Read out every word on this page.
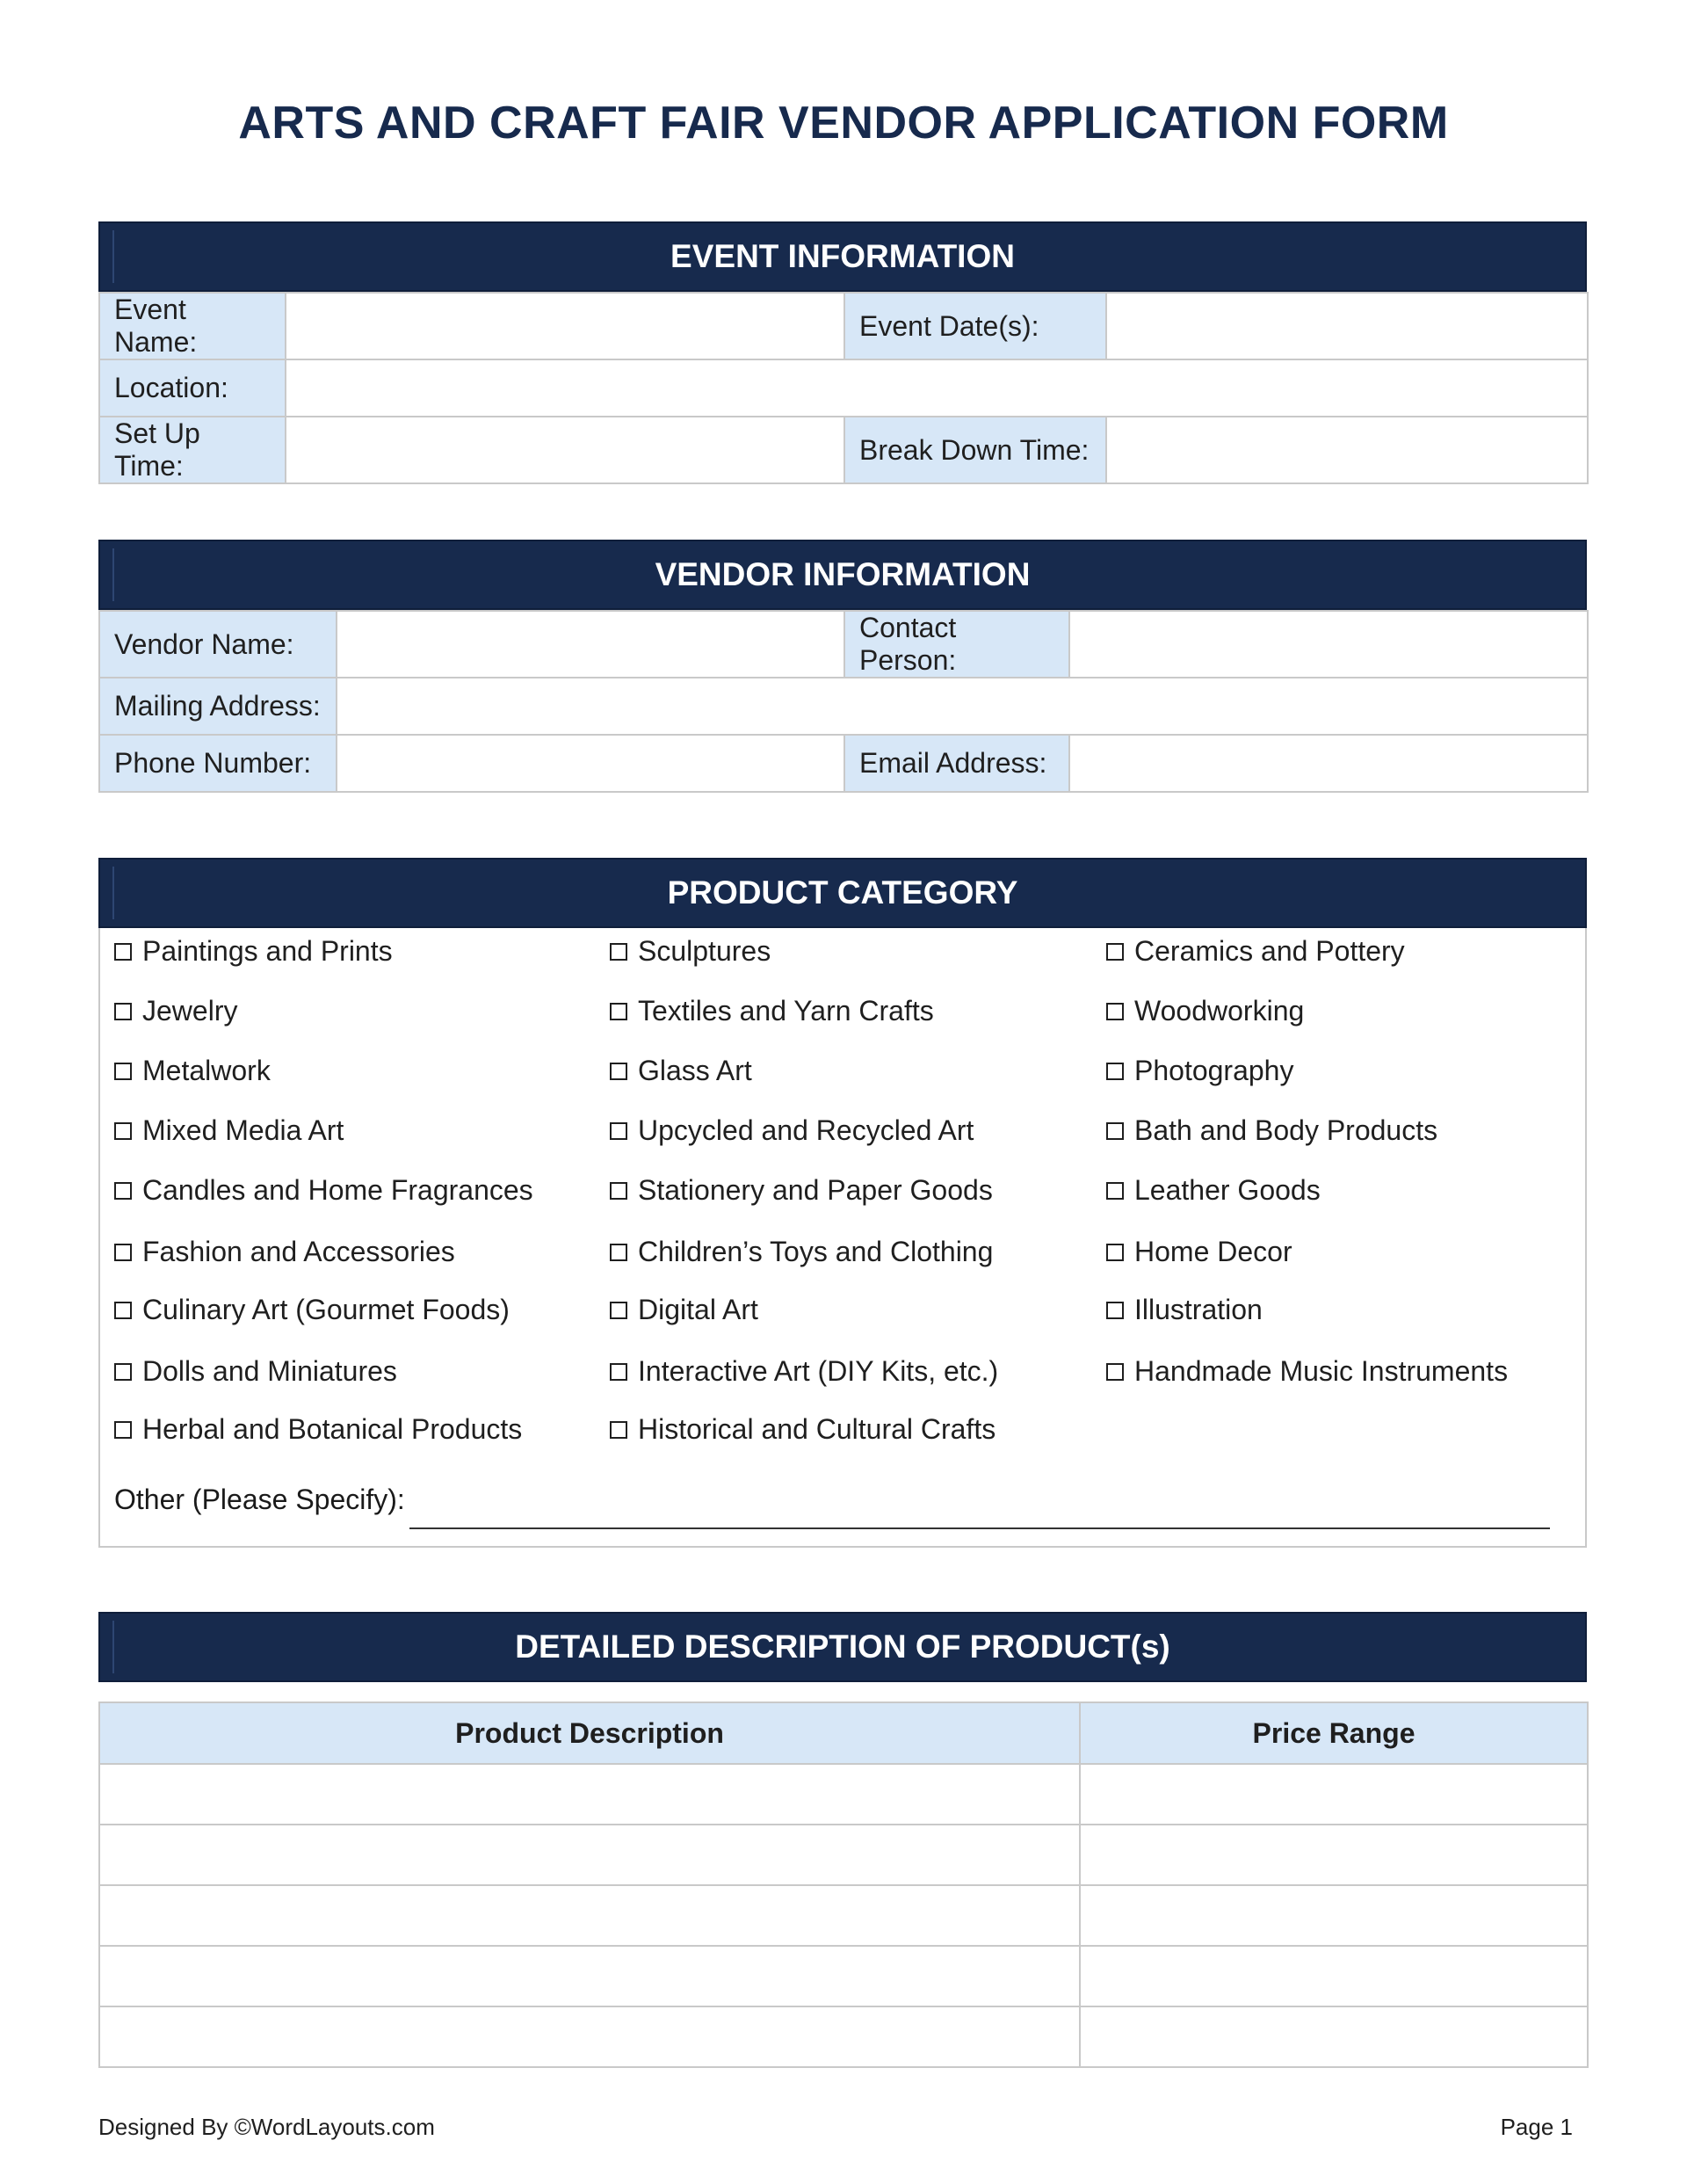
ARTS AND CRAFT FAIR VENDOR APPLICATION FORM
EVENT INFORMATION
Event Name:		Event Date(s):	
Location:			
Set Up Time:		Break Down Time:	
VENDOR INFORMATION
Vendor Name:		Contact Person:	
Mailing Address:			
Phone Number:		Email Address:	
PRODUCT CATEGORY
Other (Please Specify):
Paintings and Prints
Jewelry
Metalwork
Mixed Media Art
Candles and Home Fragrances
Fashion and Accessories
Culinary Art (Gourmet Foods)
Dolls and Miniatures
Herbal and Botanical Products
Sculptures
Textiles and Yarn Crafts
Glass Art
Upcycled and Recycled Art
Stationery and Paper Goods
Children’s Toys and Clothing
Digital Art
Interactive Art (DIY Kits, etc.)
Historical and Cultural Crafts
Ceramics and Pottery
Woodworking
Photography
Bath and Body Products
Leather Goods
Home Decor
Illustration
Handmade Music Instruments
DETAILED DESCRIPTION OF PRODUCT(s)
Product Description	Price Range

Designed By ©WordLayouts.com	Page 1
